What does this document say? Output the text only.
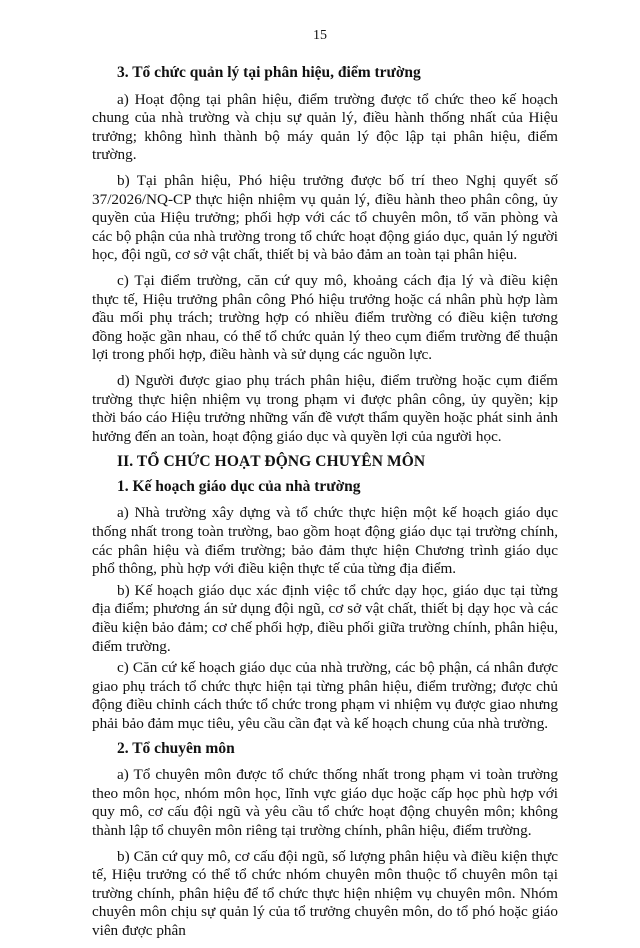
15
3. Tổ chức quản lý tại phân hiệu, điểm trường

a) Hoạt động tại phân hiệu, điểm trường được tổ chức theo kế hoạch chung của nhà trường và chịu sự quản lý, điều hành thống nhất của Hiệu trưởng; không hình thành bộ máy quản lý độc lập tại phân hiệu, điểm trường.

b) Tại phân hiệu, Phó hiệu trưởng được bố trí theo Nghị quyết số 37/2026/NQ-CP thực hiện nhiệm vụ quản lý, điều hành theo phân công, ủy quyền của Hiệu trưởng; phối hợp với các tổ chuyên môn, tổ văn phòng và các bộ phận của nhà trường trong tổ chức hoạt động giáo dục, quản lý người học, đội ngũ, cơ sở vật chất, thiết bị và bảo đảm an toàn tại phân hiệu.

c) Tại điểm trường, căn cứ quy mô, khoảng cách địa lý và điều kiện thực tế, Hiệu trưởng phân công Phó hiệu trưởng hoặc cá nhân phù hợp làm đầu mối phụ trách; trường hợp có nhiều điểm trường có điều kiện tương đồng hoặc gần nhau, có thể tổ chức quản lý theo cụm điểm trường để thuận lợi trong phối hợp, điều hành và sử dụng các nguồn lực.

d) Người được giao phụ trách phân hiệu, điểm trường hoặc cụm điểm trường thực hiện nhiệm vụ trong phạm vi được phân công, ủy quyền; kịp thời báo cáo Hiệu trưởng những vấn đề vượt thẩm quyền hoặc phát sinh ảnh hưởng đến an toàn, hoạt động giáo dục và quyền lợi của người học.

II. TỔ CHỨC HOẠT ĐỘNG CHUYÊN MÔN
1. Kế hoạch giáo dục của nhà trường

a) Nhà trường xây dựng và tổ chức thực hiện một kế hoạch giáo dục thống nhất trong toàn trường, bao gồm hoạt động giáo dục tại trường chính, các phân hiệu và điểm trường; bảo đảm thực hiện Chương trình giáo dục phổ thông, phù hợp với điều kiện thực tế của từng địa điểm.

b) Kế hoạch giáo dục xác định việc tổ chức dạy học, giáo dục tại từng địa điểm; phương án sử dụng đội ngũ, cơ sở vật chất, thiết bị dạy học và các điều kiện bảo đảm; cơ chế phối hợp, điều phối giữa trường chính, phân hiệu, điểm trường.

c) Căn cứ kế hoạch giáo dục của nhà trường, các bộ phận, cá nhân được giao phụ trách tổ chức thực hiện tại từng phân hiệu, điểm trường; được chủ động điều chỉnh cách thức tổ chức trong phạm vi nhiệm vụ được giao nhưng phải bảo đảm mục tiêu, yêu cầu cần đạt và kế hoạch chung của nhà trường.

2. Tổ chuyên môn

a) Tổ chuyên môn được tổ chức thống nhất trong phạm vi toàn trường theo môn học, nhóm môn học, lĩnh vực giáo dục hoặc cấp học phù hợp với quy mô, cơ cấu đội ngũ và yêu cầu tổ chức hoạt động chuyên môn; không thành lập tổ chuyên môn riêng tại trường chính, phân hiệu, điểm trường.

b) Căn cứ quy mô, cơ cấu đội ngũ, số lượng phân hiệu và điều kiện thực tế, Hiệu trưởng có thể tổ chức nhóm chuyên môn thuộc tổ chuyên môn tại trường chính, phân hiệu để tổ chức thực hiện nhiệm vụ chuyên môn. Nhóm chuyên môn chịu sự quản lý của tổ trưởng chuyên môn, do tổ phó hoặc giáo viên được phân
